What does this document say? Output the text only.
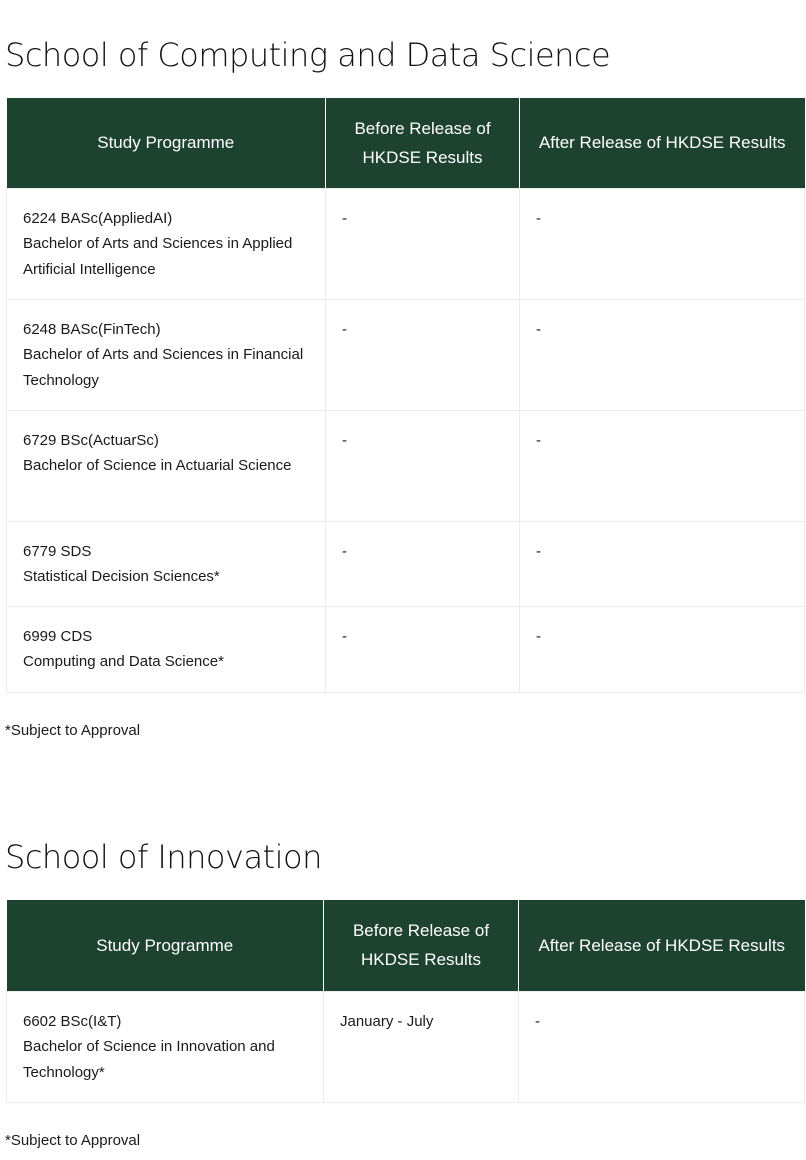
School of Computing and Data Science
Study Programme	Before Release of HKDSE Results	After Release of HKDSE Results

6224 BASc(AppliedAI)
Bachelor of Arts and Sciences in Applied Artificial Intelligence	-	-

6248 BASc(FinTech)
Bachelor of Arts and Sciences in Financial Technology	-	-

6729 BSc(ActuarSc)
Bachelor of Science in Actuarial Science	-	-

6779 SDS
Statistical Decision Sciences*	-	-

6999 CDS
Computing and Data Science*	-	-

*Subject to Approval

School of Innovation
Study Programme	Before Release of HKDSE Results	After Release of HKDSE Results

6602 BSc(I&T)
Bachelor of Science in Innovation and Technology*	January - July	-

*Subject to Approval
